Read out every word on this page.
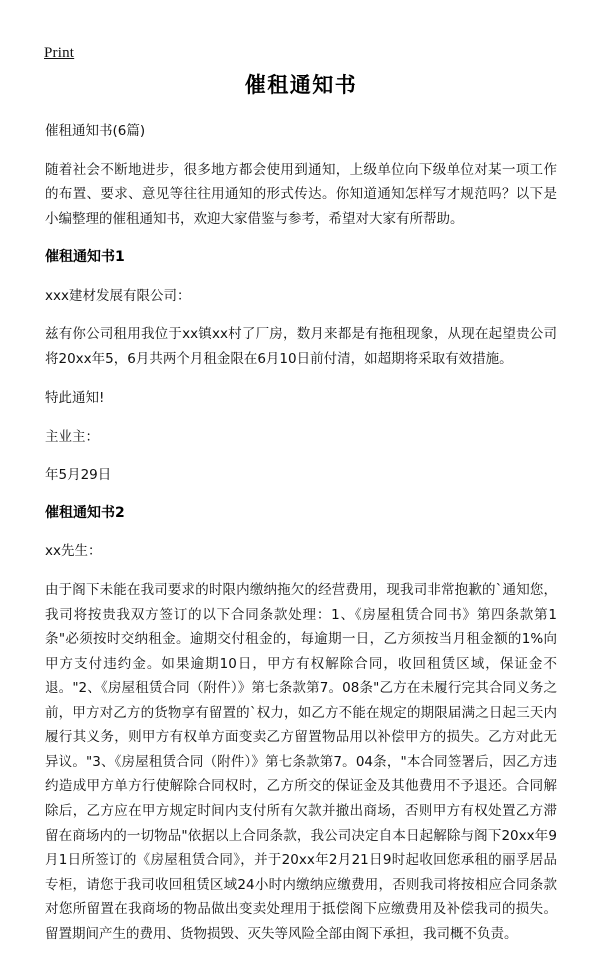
Print
催租通知书
催租通知书(6篇)

随着社会不断地进步，很多地方都会使用到通知，上级单位向下级单位对某一项工作的布置、要求、意见等往往用通知的形式传达。你知道通知怎样写才规范吗？以下是小编整理的催租通知书，欢迎大家借鉴与参考，希望对大家有所帮助。

催租通知书1

xxx建材发展有限公司：

兹有你公司租用我位于xx镇xx村了厂房，数月来都是有拖租现象，从现在起望贵公司将20xx年5，6月共两个月租金限在6月10日前付清，如超期将采取有效措施。

特此通知!

主业主：

年5月29日

催租通知书2

xx先生：

由于阁下未能在我司要求的时限内缴纳拖欠的经营费用，现我司非常抱歉的`通知您，我司将按贵我双方签订的以下合同条款处理：1、《房屋租赁合同书》第四条款第1条"必须按时交纳租金。逾期交付租金的，每逾期一日，乙方须按当月租金额的1%向甲方支付违约金。如果逾期10日，甲方有权解除合同，收回租赁区域，保证金不退。"2、《房屋租赁合同（附件）》第七条款第7。08条"乙方在未履行完其合同义务之前，甲方对乙方的货物享有留置的`权力，如乙方不能在规定的期限届满之日起三天内履行其义务，则甲方有权单方面变卖乙方留置物品用以补偿甲方的损失。乙方对此无异议。"3、《房屋租赁合同（附件）》第七条款第7。04条，"本合同签署后，因乙方违约造成甲方单方行使解除合同权时，乙方所交的保证金及其他费用不予退还。合同解除后，乙方应在甲方规定时间内支付所有欠款并撤出商场，否则甲方有权处置乙方滞留在商场内的一切物品"依据以上合同条款，我公司决定自本日起解除与阁下20xx年9月1日所签订的《房屋租赁合同》，并于20xx年2月21日9时起收回您承租的丽孚居品专柜，请您于我司收回租赁区域24小时内缴纳应缴费用，否则我司将按相应合同条款对您所留置在我商场的物品做出变卖处理用于抵偿阁下应缴费用及补偿我司的损失。留置期间产生的费用、货物损毁、灭失等风险全部由阁下承担，我司概不负责。
